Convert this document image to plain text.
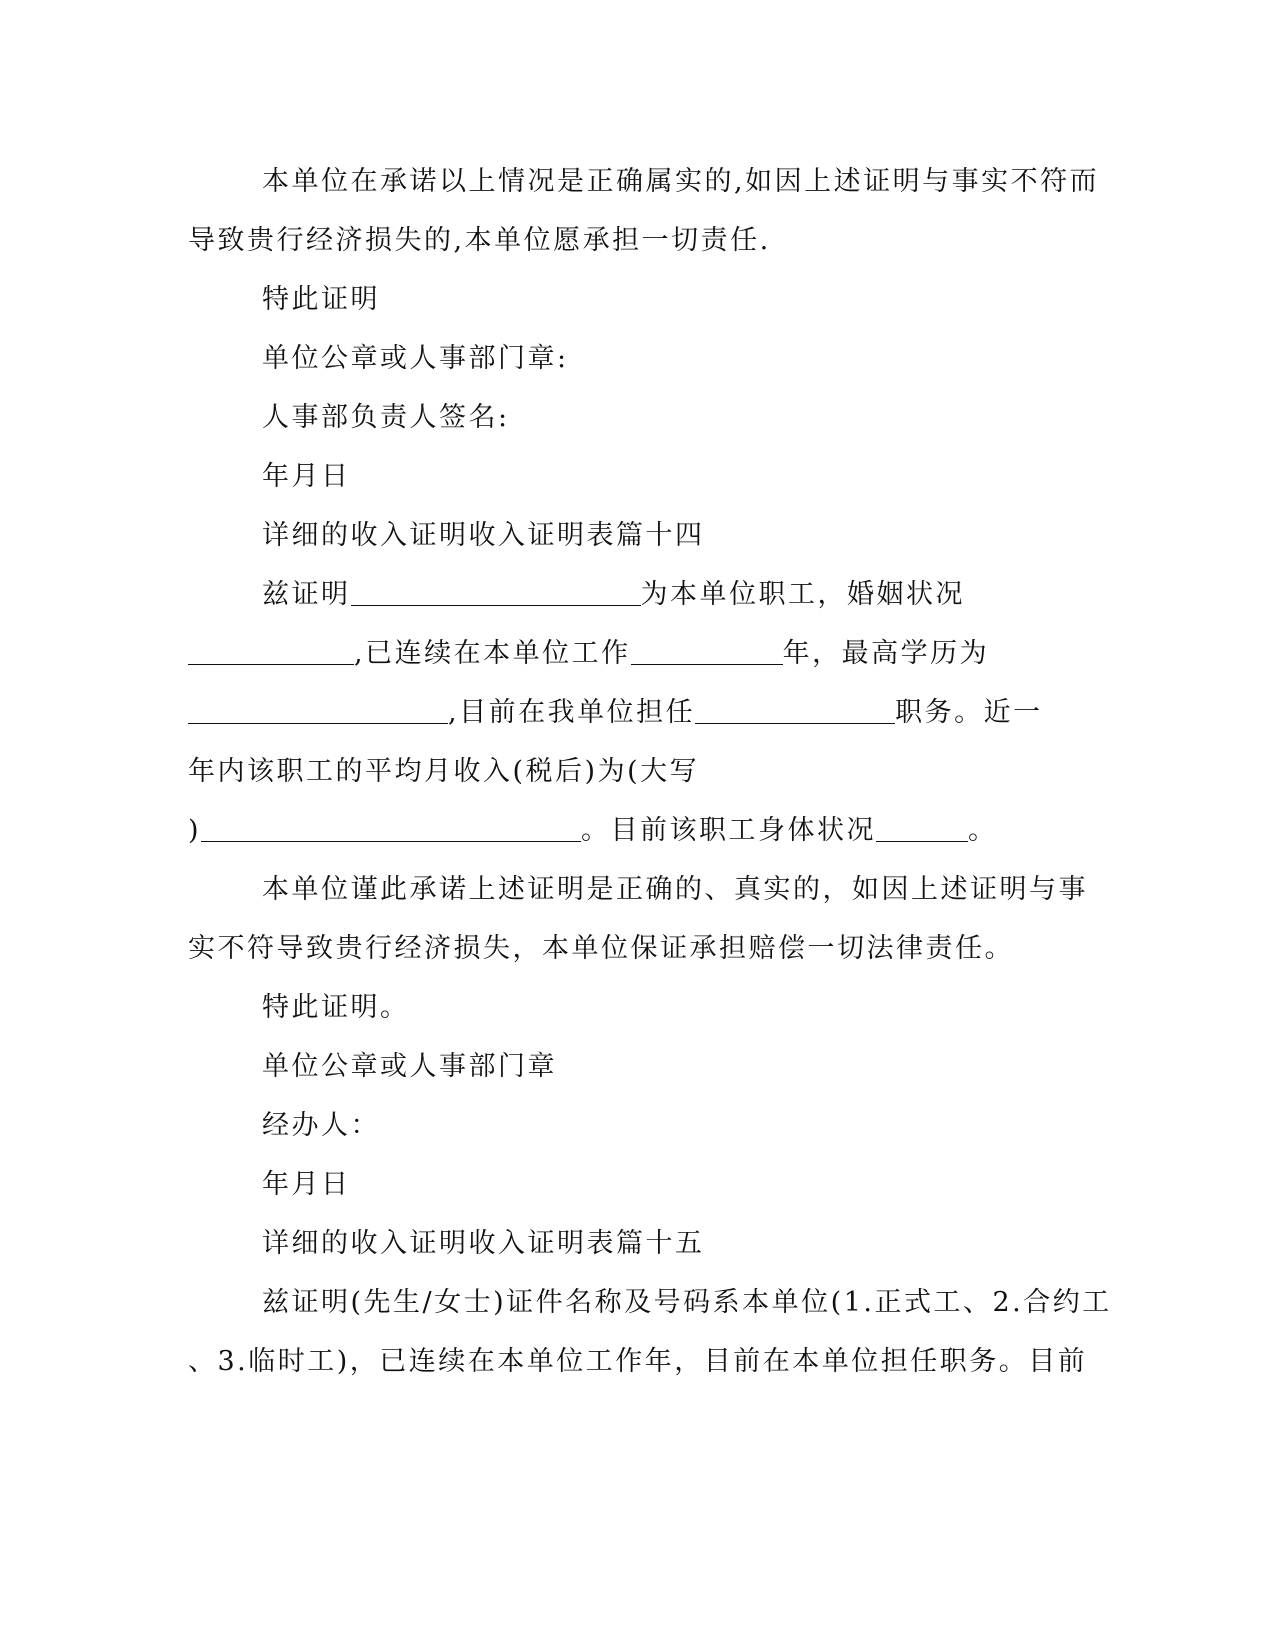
本单位在承诺以上情况是正确属实的,如因上述证明与事实不符而
导致贵行经济损失的,本单位愿承担一切责任.
特此证明
单位公章或人事部门章:
人事部负责人签名:
年月日
详细的收入证明收入证明表篇十四
兹证明	为本单位职工，婚姻状况
,已连续在本单位工作	年，最高学历为
,目前在我单位担任	职务。近一
年内该职工的平均月收入(税后)为(大写
)	。目前该职工身体状况	。
本单位谨此承诺上述证明是正确的、真实的，如因上述证明与事
实不符导致贵行经济损失，本单位保证承担赔偿一切法律责任。
特此证明。
单位公章或人事部门章
经办人：
年月日
详细的收入证明收入证明表篇十五
兹证明(先生/女士)证件名称及号码系本单位(1.正式工、2.合约工
、3.临时工)，已连续在本单位工作年，目前在本单位担任职务。目前
